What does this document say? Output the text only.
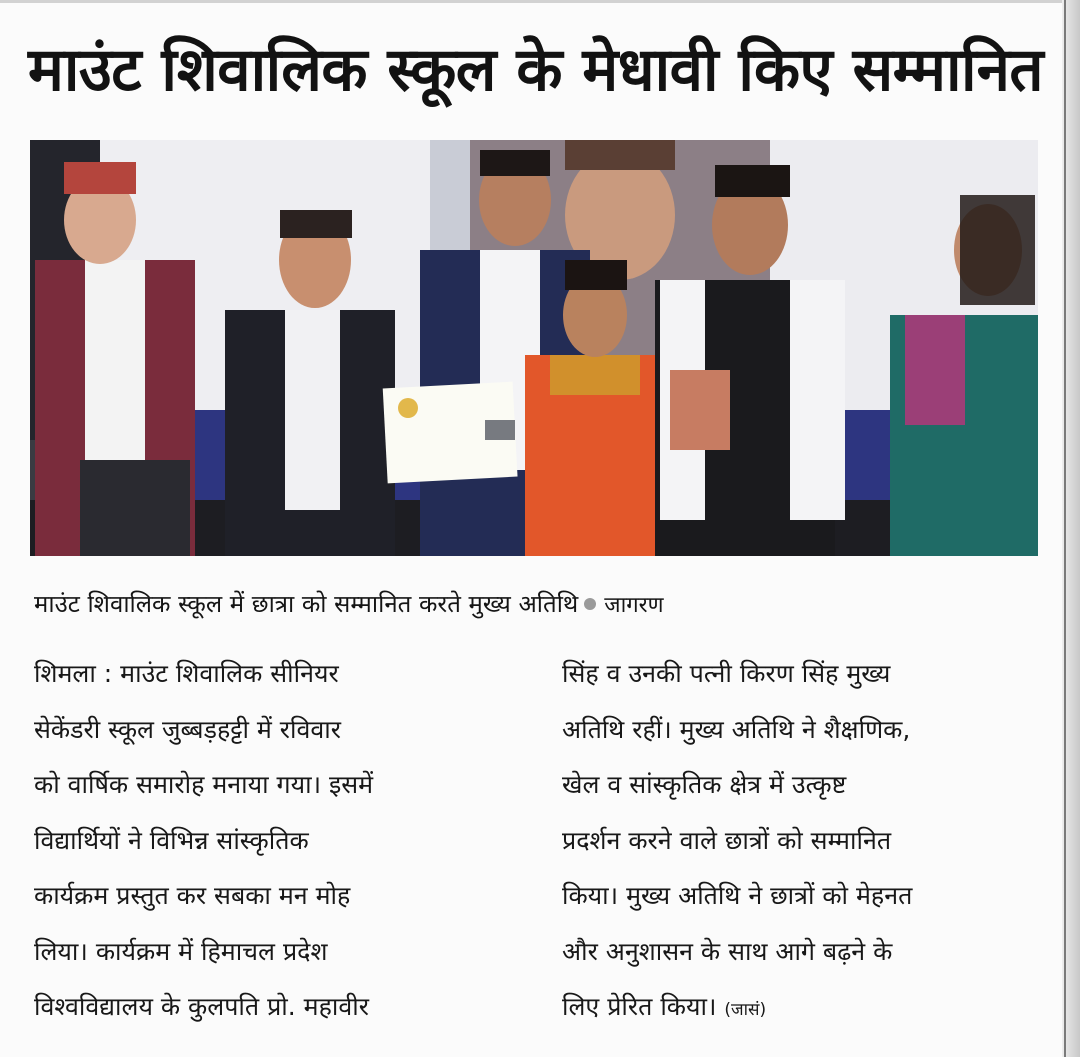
माउंट शिवालिक स्कूल के मेधावी किए सम्मानित
माउंट शिवालिक स्कूल में छात्रा को सम्मानित करते मुख्य अतिथि जागरण
शिमला : माउंट शिवालिक सीनियर
सेकेंडरी स्कूल जुब्बड़हट्टी में रविवार
को वार्षिक समारोह मनाया गया। इसमें
विद्यार्थियों ने विभिन्न सांस्कृतिक
कार्यक्रम प्रस्तुत कर सबका मन मोह
लिया। कार्यक्रम में हिमाचल प्रदेश
विश्वविद्यालय के कुलपति प्रो. महावीर
सिंह व उनकी पत्नी किरण सिंह मुख्य
अतिथि रहीं। मुख्य अतिथि ने शैक्षणिक,
खेल व सांस्कृतिक क्षेत्र में उत्कृष्ट
प्रदर्शन करने वाले छात्रों को सम्मानित
किया। मुख्य अतिथि ने छात्रों को मेहनत
और अनुशासन के साथ आगे बढ़ने के
लिए प्रेरित किया। (जासं)
